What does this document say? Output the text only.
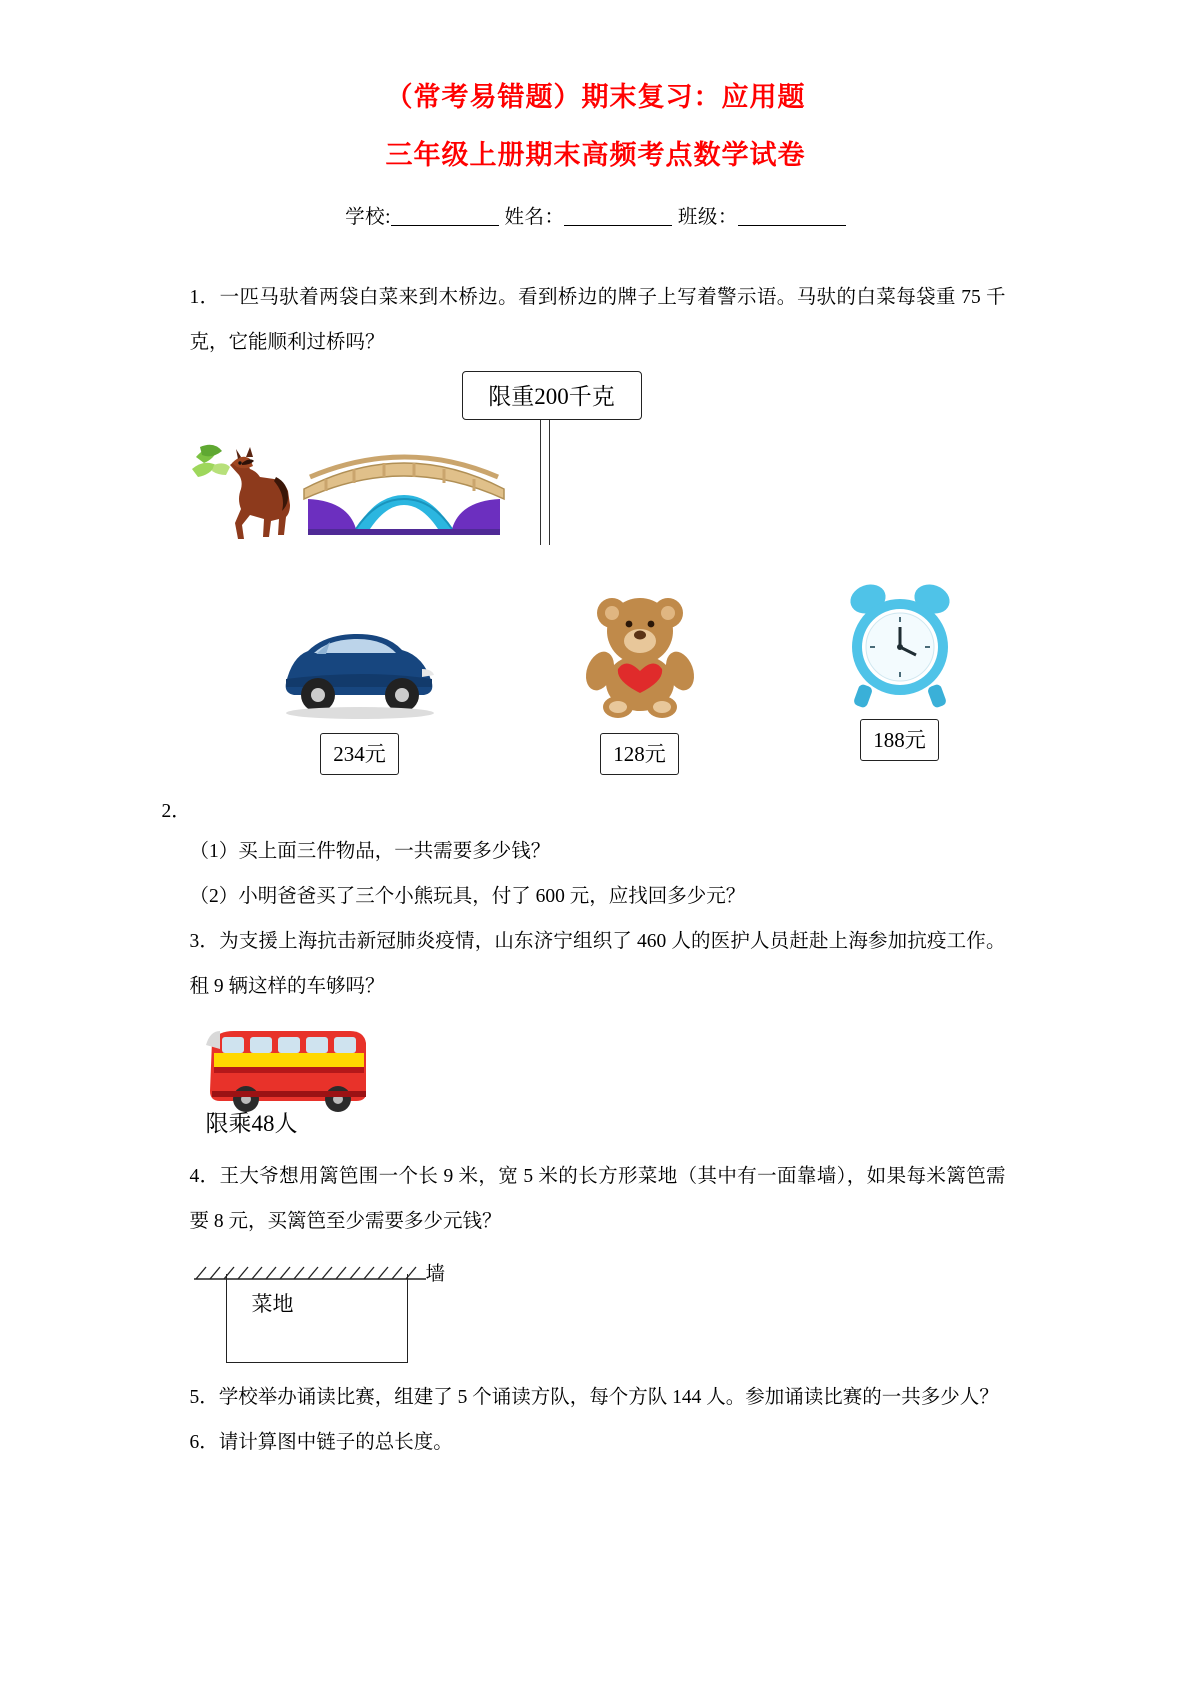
（常考易错题）期末复习：应用题
三年级上册期末高频考点数学试卷
学校:	姓名：	班级：
1．一匹马驮着两袋白菜来到木桥边。看到桥边的牌子上写着警示语。马驮的白菜每袋重 75 千克，它能顺利过桥吗？
限重200千克
2．
234元	128元
188元
（1）买上面三件物品，一共需要多少钱？
（2）小明爸爸买了三个小熊玩具，付了 600 元，应找回多少元？
3．为支援上海抗击新冠肺炎疫情，山东济宁组织了 460 人的医护人员赶赴上海参加抗疫工作。租 9 辆这样的车够吗？
限乘48人
4．王大爷想用篱笆围一个长 9 米，宽 5 米的长方形菜地（其中有一面靠墙），如果每米篱笆需要 8 元，买篱笆至少需要多少元钱？
墙
菜地
5．学校举办诵读比赛，组建了 5 个诵读方队，每个方队 144 人。参加诵读比赛的一共多少人？
6．请计算图中链子的总长度。
